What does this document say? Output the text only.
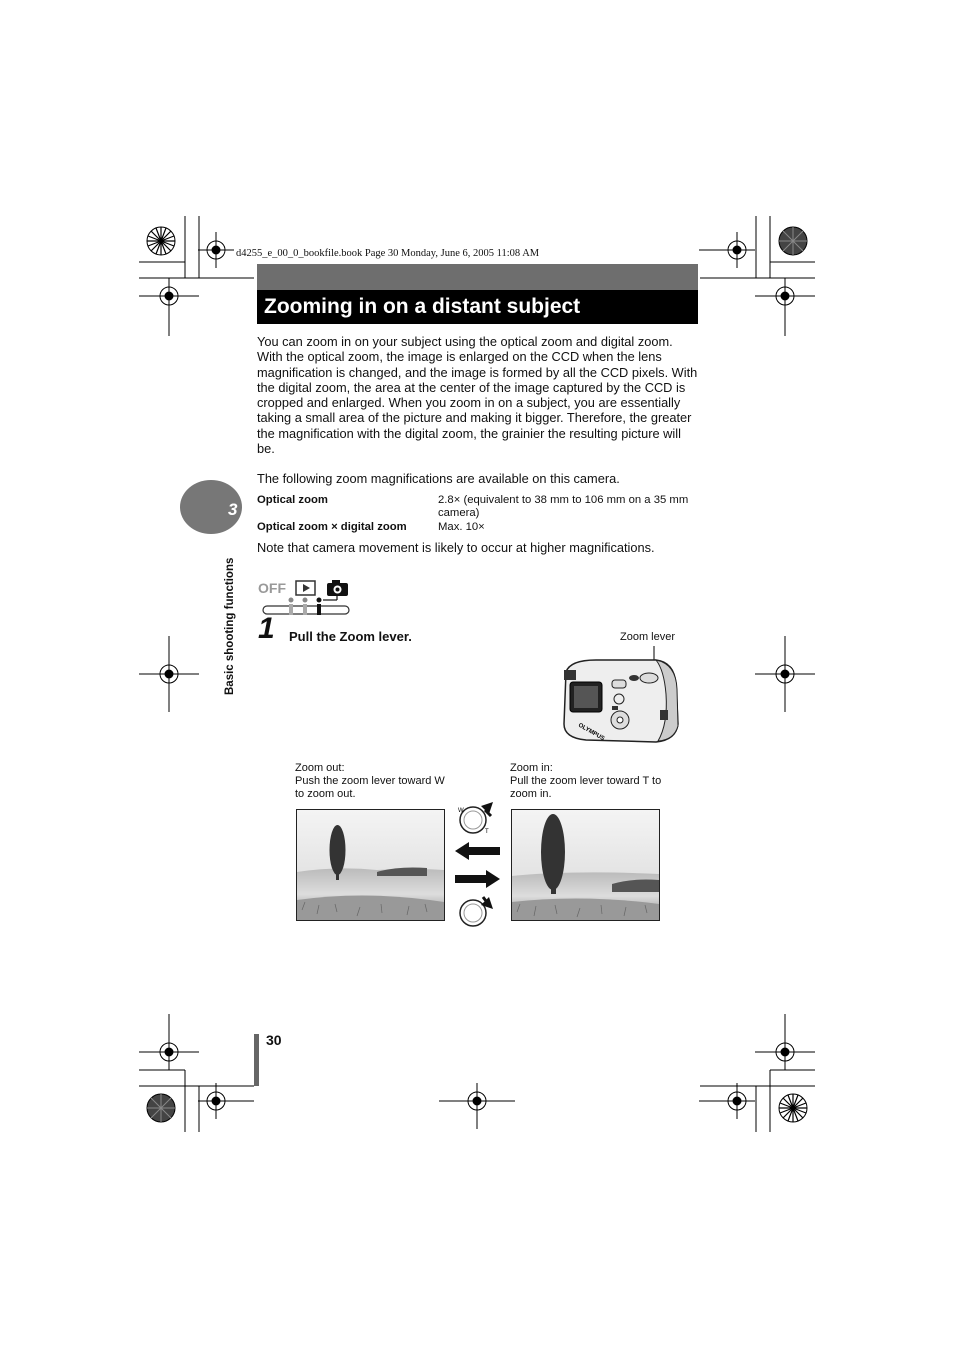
d4255_e_00_0_bookfile.book Page 30 Monday, June 6, 2005 11:08 AM
Zooming in on a distant subject
You can zoom in on your subject using the optical zoom and digital zoom. With the optical zoom, the image is enlarged on the CCD when the lens magnification is changed, and the image is formed by all the CCD pixels. With the digital zoom, the area at the center of the image captured by the CCD is cropped and enlarged. When you zoom in on a subject, you are essentially taking a small area of the picture and making it bigger. Therefore, the greater the magnification with the digital zoom, the grainier the resulting picture will be.
The following zoom magnifications are available on this camera.
Optical zoom	2.8× (equivalent to 38 mm to 106 mm on a 35 mm camera)
Optical zoom × digital zoom	Max. 10×
Note that camera movement is likely to occur at higher magnifications.
3
Basic shooting functions OFF
1 Pull the Zoom lever.	Zoom lever
OLYMPUS
Zoom out:
Push the zoom lever toward W to zoom out.
Zoom in:
Pull the zoom lever toward T to zoom in.
W
T
30
